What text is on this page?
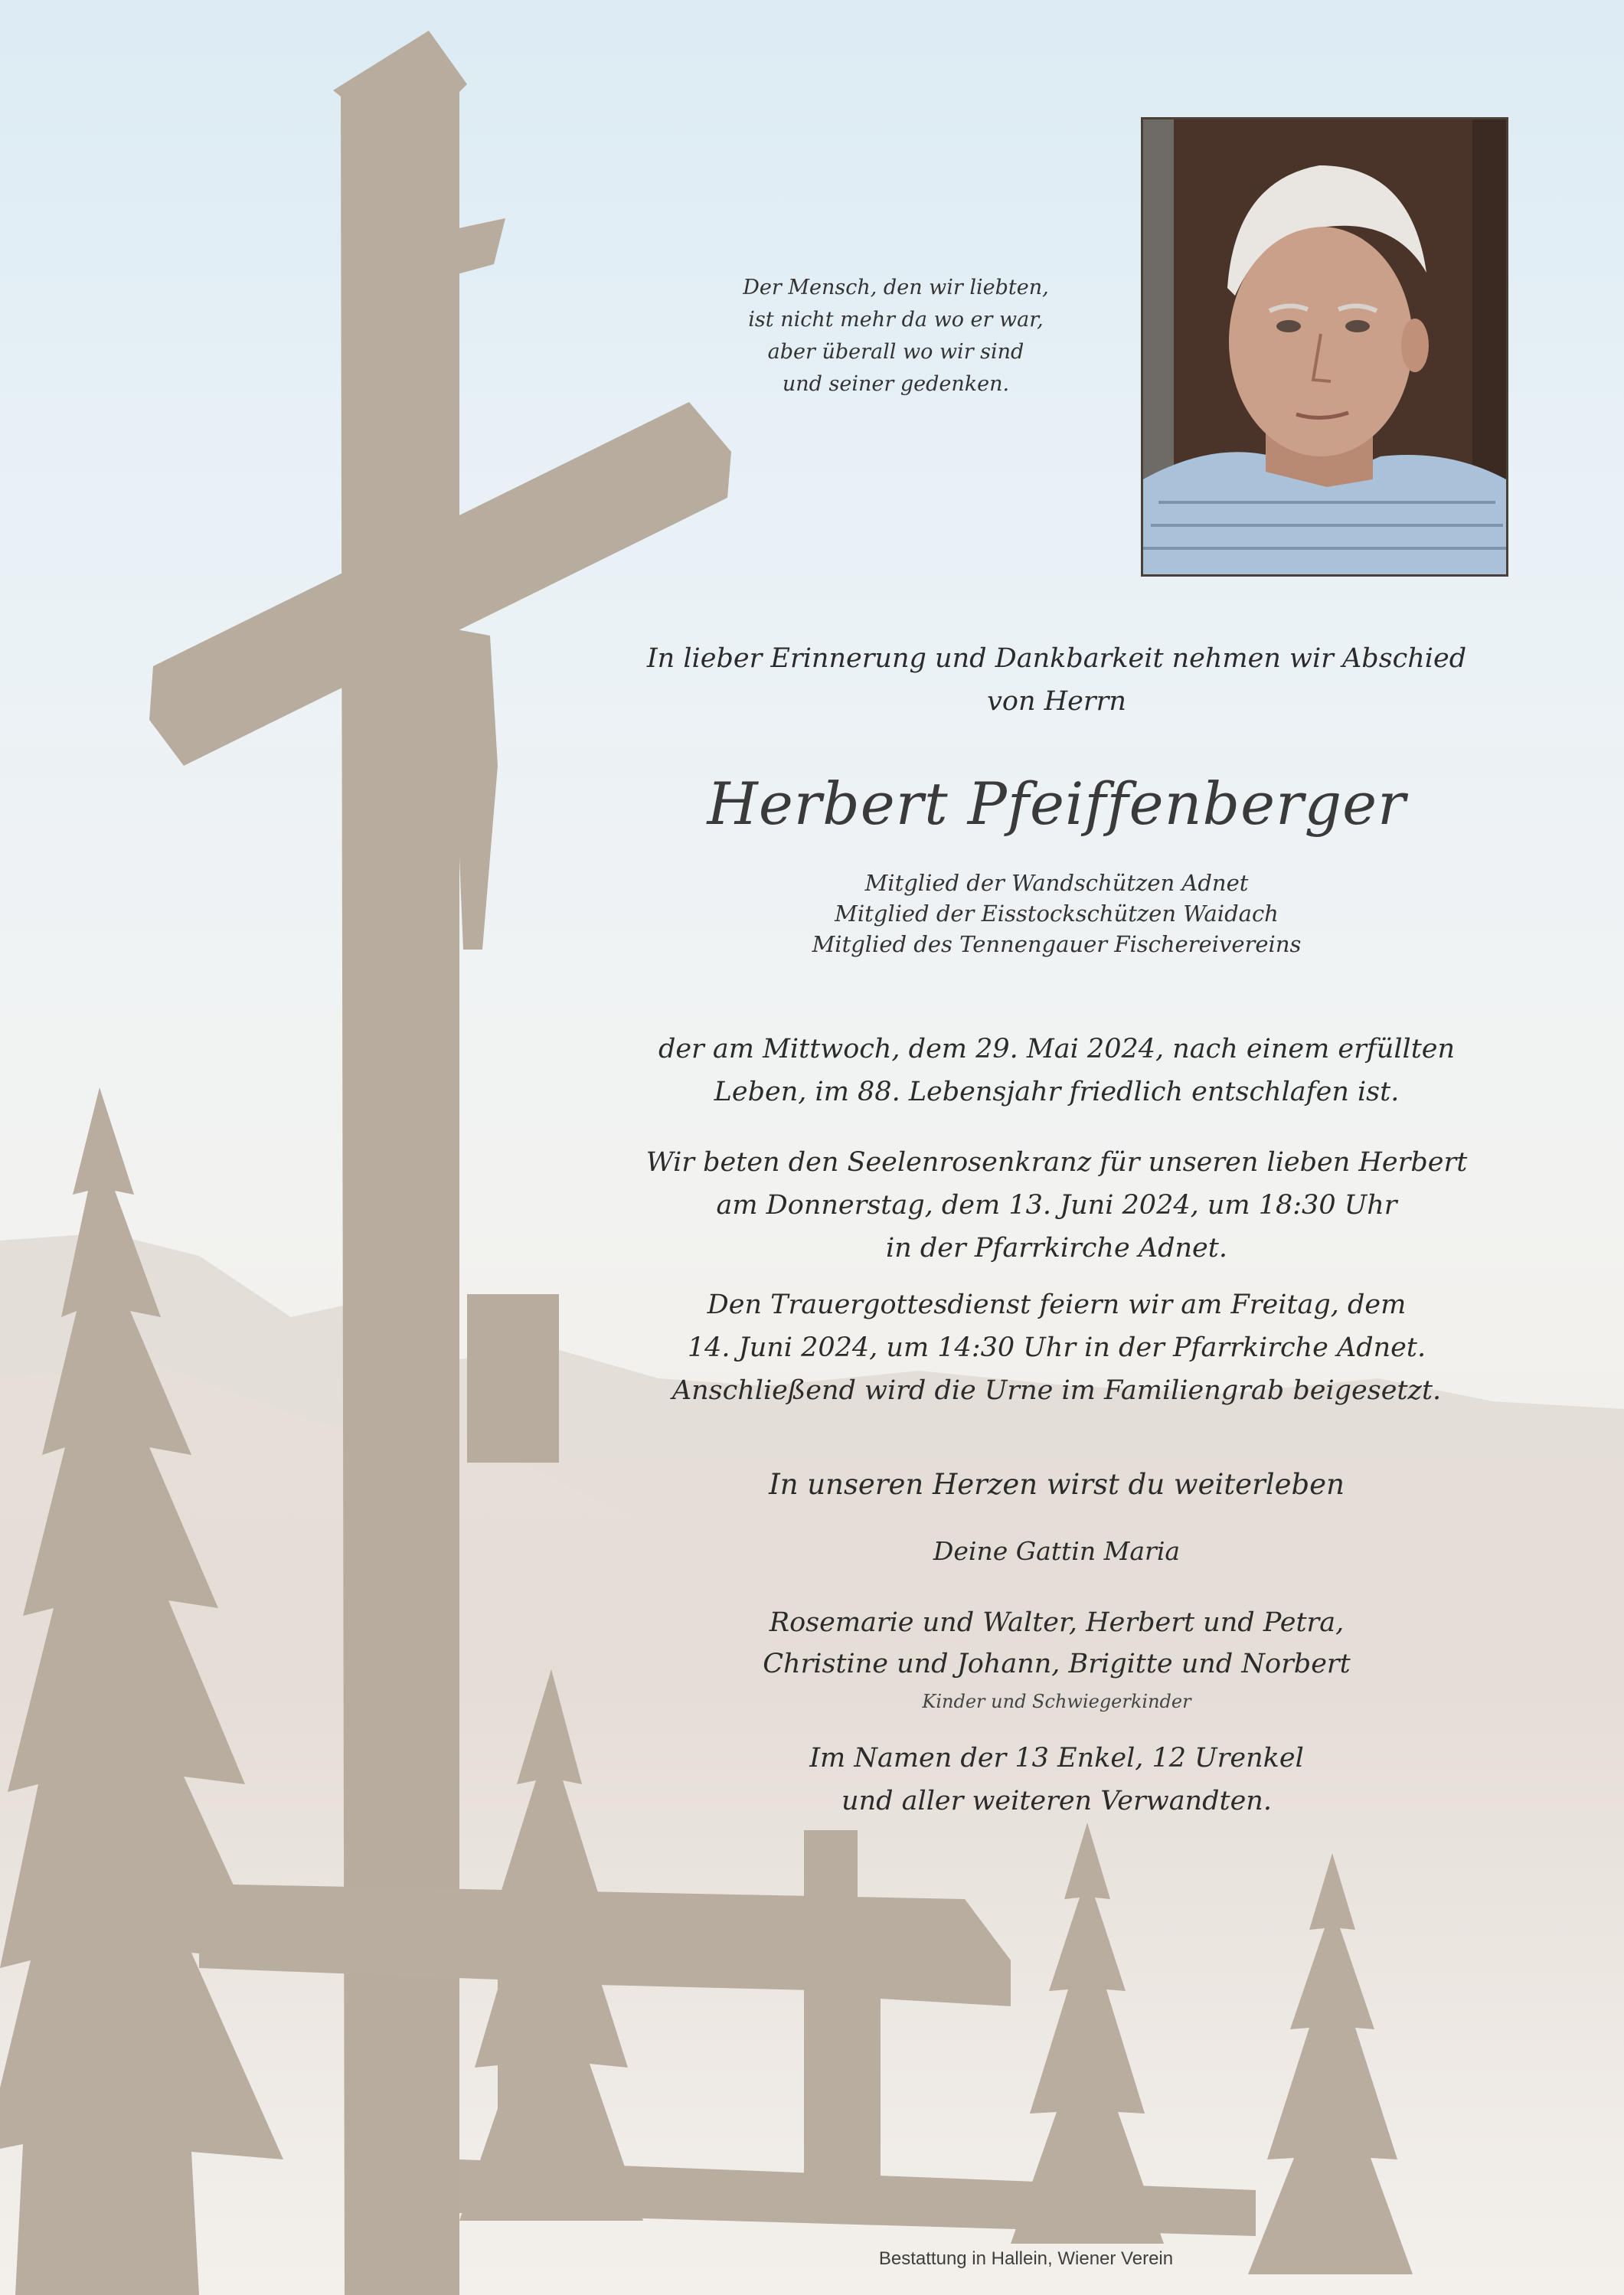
Der Mensch, den wir liebten,
ist nicht mehr da wo er war,
aber überall wo wir sind
und seiner gedenken.
In lieber Erinnerung und Dankbarkeit nehmen wir Abschied
von Herrn
Herbert Pfeiffenberger
Mitglied der Wandschützen Adnet
Mitglied der Eisstockschützen Waidach
Mitglied des Tennengauer Fischereivereins
der am Mittwoch, dem 29. Mai 2024, nach einem erfüllten
Leben, im 88. Lebensjahr friedlich entschlafen ist.
Wir beten den Seelenrosenkranz für unseren lieben Herbert
am Donnerstag, dem 13. Juni 2024, um 18:30 Uhr
in der Pfarrkirche Adnet.
Den Trauergottesdienst feiern wir am Freitag, dem
14. Juni 2024, um 14:30 Uhr in der Pfarrkirche Adnet.
Anschließend wird die Urne im Familiengrab beigesetzt.
In unseren Herzen wirst du weiterleben
Deine Gattin Maria
Rosemarie und Walter, Herbert und Petra,
Christine und Johann, Brigitte und Norbert
Kinder und Schwiegerkinder
Im Namen der 13 Enkel, 12 Urenkel
und aller weiteren Verwandten.
Bestattung in Hallein, Wiener Verein
